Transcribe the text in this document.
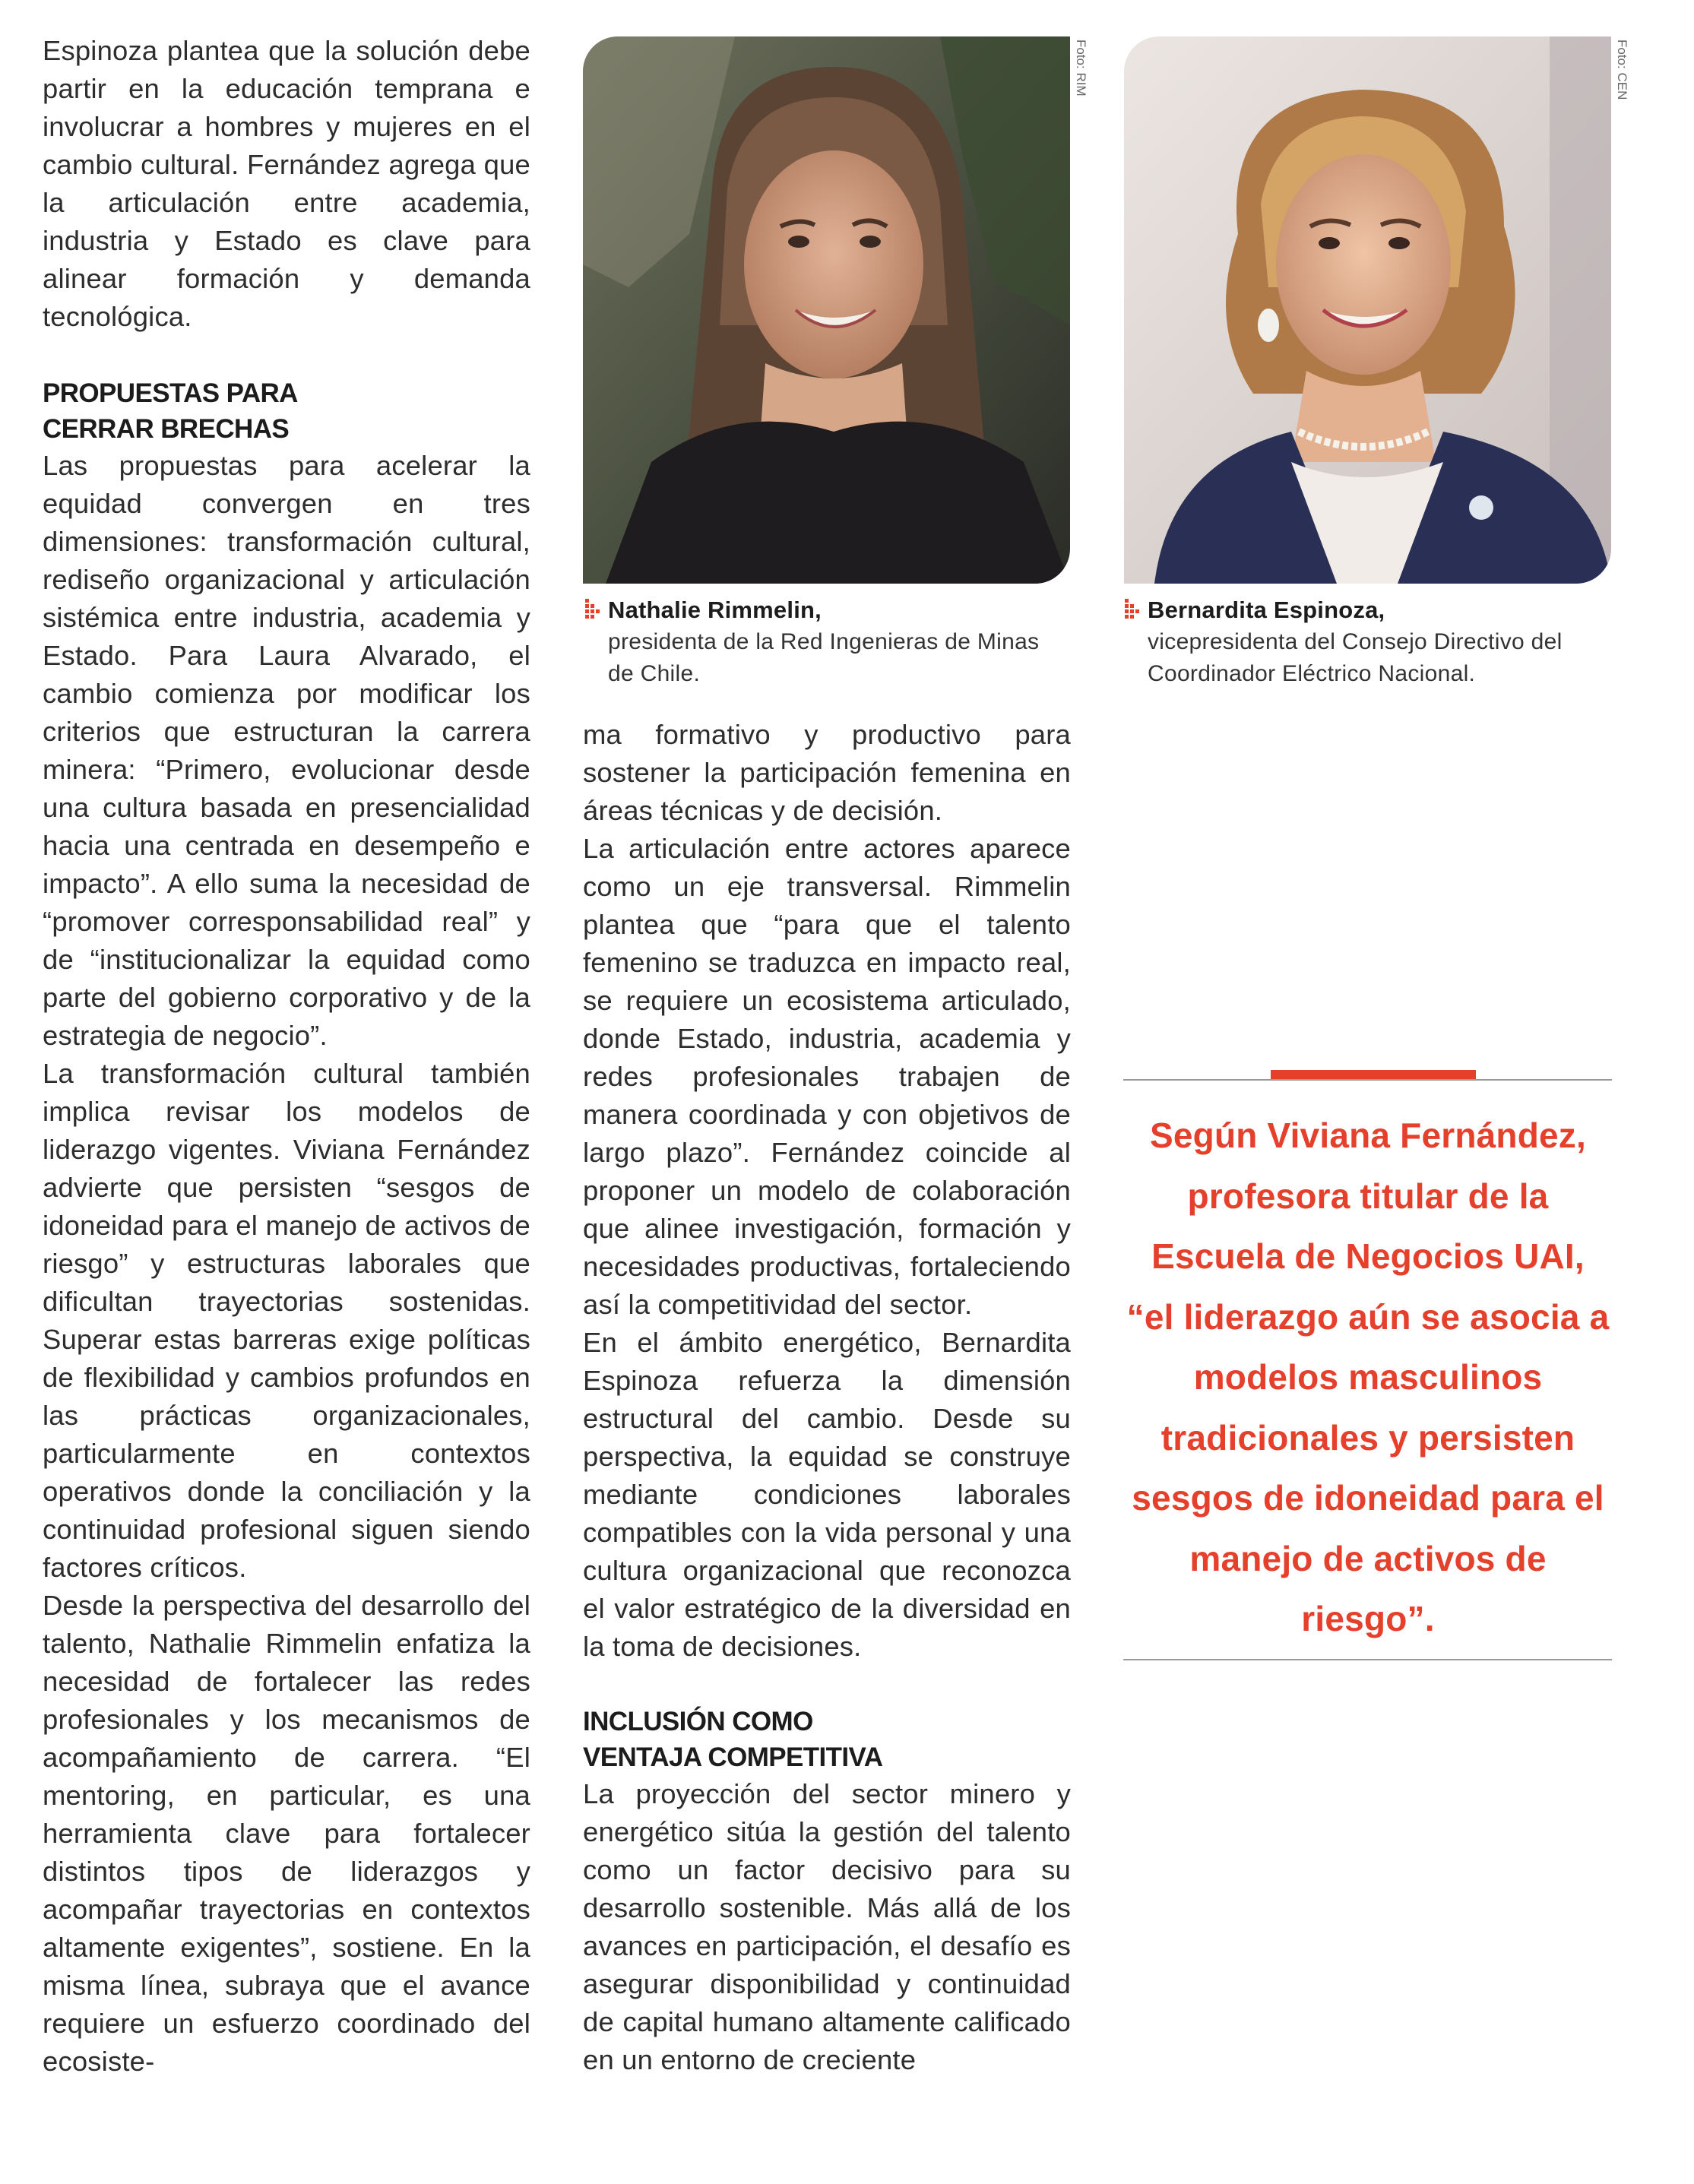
Espinoza plantea que la solución debe partir en la educación temprana e involucrar a hombres y mujeres en el cambio cultural. Fernández agrega que la articulación entre academia, industria y Estado es clave para alinear formación y demanda tecnológica.

PROPUESTAS PARA CERRAR BRECHAS

Las propuestas para acelerar la equidad convergen en tres dimensiones: transformación cultural, rediseño organizacional y articulación sistémica entre industria, academia y Estado. Para Laura Alvarado, el cambio comienza por modificar los criterios que estructuran la carrera minera: “Primero, evolucionar desde una cultura basada en presencialidad hacia una centrada en desempeño e impacto”. A ello suma la necesidad de “promover corresponsabilidad real” y de “institucionalizar la equidad como parte del gobierno corporativo y de la estrategia de negocio”.

La transformación cultural también implica revisar los modelos de liderazgo vigentes. Viviana Fernández advierte que persisten “sesgos de idoneidad para el manejo de activos de riesgo” y estructuras laborales que dificultan trayectorias sostenidas. Superar estas barreras exige políticas de flexibilidad y cambios profundos en las prácticas organizacionales, particularmente en contextos operativos donde la conciliación y la continuidad profesional siguen siendo factores críticos.

Desde la perspectiva del desarrollo del talento, Nathalie Rimmelin enfatiza la necesidad de fortalecer las redes profesionales y los mecanismos de acompañamiento de carrera. “El mentoring, en particular, es una herramienta clave para fortalecer distintos tipos de liderazgos y acompañar trayectorias en contextos altamente exigentes”, sostiene. En la misma línea, subraya que el avance requiere un esfuerzo coordinado del ecosiste-

Foto: RIM

Nathalie Rimmelin,

presidenta de la Red Ingenieras de Minas de Chile.

Foto: CEN

Bernardita Espinoza,

vicepresidenta del Consejo Directivo del Coordinador Eléctrico Nacional.

ma formativo y productivo para sostener la participación femenina en áreas técnicas y de decisión.

La articulación entre actores aparece como un eje transversal. Rimmelin plantea que “para que el talento femenino se traduzca en impacto real, se requiere un ecosistema articulado, donde Estado, industria, academia y redes profesionales trabajen de manera coordinada y con objetivos de largo plazo”. Fernández coincide al proponer un modelo de colaboración que alinee investigación, formación y necesidades productivas, fortaleciendo así la competitividad del sector.

En el ámbito energético, Bernardita Espinoza refuerza la dimensión estructural del cambio. Desde su perspectiva, la equidad se construye mediante condiciones laborales compatibles con la vida personal y una cultura organizacional que reconozca el valor estratégico de la diversidad en la toma de decisiones.

INCLUSIÓN COMO VENTAJA COMPETITIVA

La proyección del sector minero y energético sitúa la gestión del talento como un factor decisivo para su desarrollo sostenible. Más allá de los avances en participación, el desafío es asegurar disponibilidad y continuidad de capital humano altamente calificado en un entorno de creciente

Según Viviana Fernández, profesora titular de la Escuela de Negocios UAI, “el liderazgo aún se asocia a modelos masculinos tradicionales y persisten sesgos de idoneidad para el manejo de activos de riesgo”.
